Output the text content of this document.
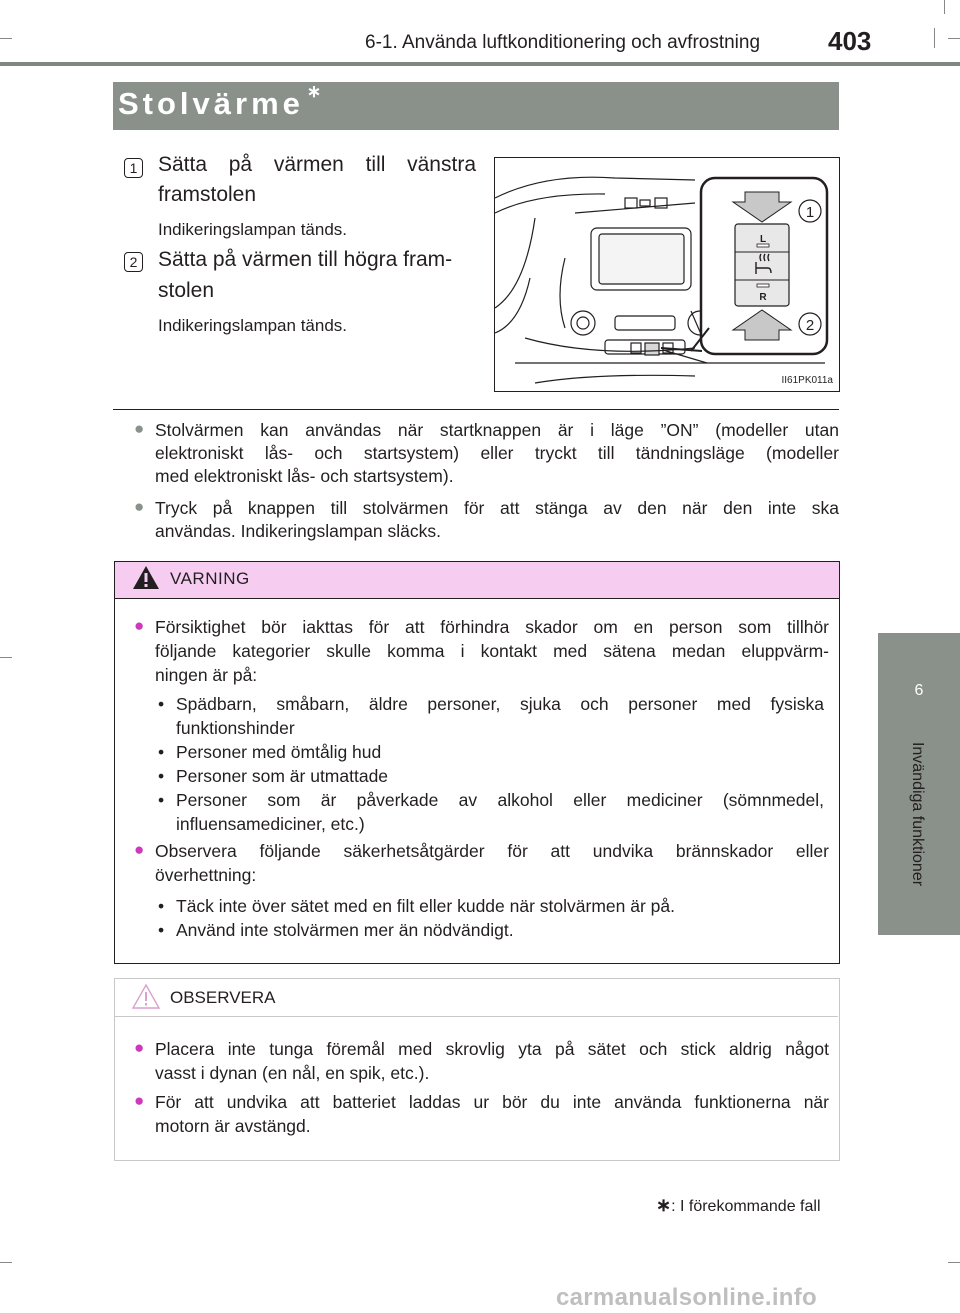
6-1. Använda luftkonditionering och avfrostning	403
Stolvärme ∗
6
Invändiga funktioner
1 Sätta på värmen till vänstra
framstolen
Indikeringslampan tänds.
2 Sätta på värmen till högra fram-
stolen
Indikeringslampan tänds.
1
2
L
R
II61PK011a
● Stolvärmen kan användas när startknappen är i läge ”ON” (modeller utan
elektroniskt lås- och startsystem) eller tryckt till tändningsläge (modeller
med elektroniskt lås- och startsystem).
● Tryck på knappen till stolvärmen för att stänga av den när den inte ska
användas. Indikeringslampan släcks.
VARNING
● Försiktighet bör iakttas för att förhindra skador om en person som tillhör
följande kategorier skulle komma i kontakt med sätena medan eluppvärm-
ningen är på:
• Spädbarn, småbarn, äldre personer, sjuka och personer med fysiska
funktionshinder
• Personer med ömtålig hud
• Personer som är utmattade
• Personer som är påverkade av alkohol eller mediciner (sömnmedel,
influensamediciner, etc.)
● Observera följande säkerhetsåtgärder för att undvika brännskador eller
överhettning:
• Täck inte över sätet med en filt eller kudde när stolvärmen är på.
• Använd inte stolvärmen mer än nödvändigt.
OBSERVERA
● Placera inte tunga föremål med skrovlig yta på sätet och stick aldrig något
vasst i dynan (en nål, en spik, etc.).
● För att undvika att batteriet laddas ur bör du inte använda funktionerna när
motorn är avstängd.
∗: I förekommande fall
carmanualsonline.info
